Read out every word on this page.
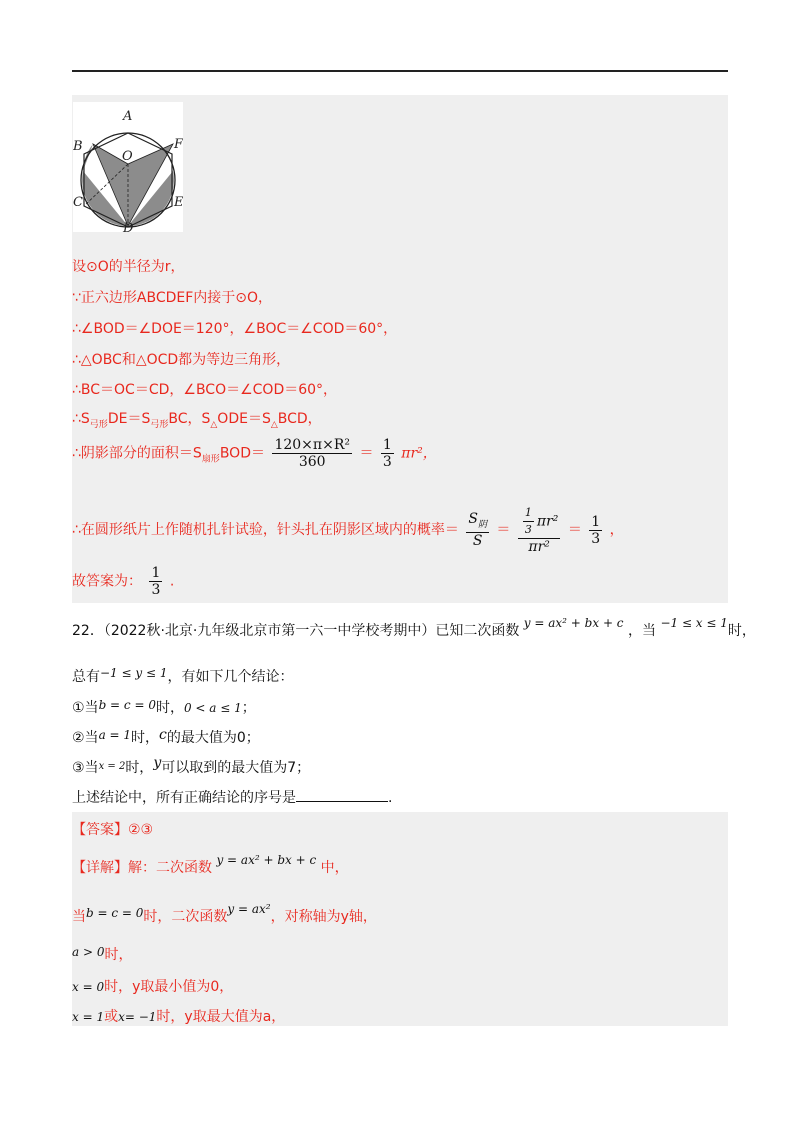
A
B
C
D
E
F
O
设⊙O的半径为r，
∵正六边形ABCDEF内接于⊙O，
∴∠BOD＝∠DOE＝120°，∠BOC＝∠COD＝60°，
∴△OBC和△OCD都为等边三角形，
∴BC＝OC＝CD，∠BCO＝∠COD＝60°，
$\therefore S_{弓形}DE=S_{弓形}BC$，$S_\triangle ODE=S_\triangle BCD$，
∴阴影部分的面积$=S_{扇形}BOD= \frac{\text{120×π×R²}}{360} = \frac{1}{3} \pi r^2$，
∴在圆形纸片上作随机扎针试验，针头扎在阴影区域内的概率＝ $\frac{S_阴}{S} = \frac{\frac{1}{3} \pi r^2}{\text{πr²}} = \frac{1}{3}$ ，
故答案为： $\frac{1}{3}$ .
22．（2022秋·北京·九年级北京市第一六一中学校考期中）已知二次函数 y = ax² + bx + c ，当 −1 ≤ x ≤ 1时，
总有−1 ≤ y ≤ 1，有如下几个结论：
①当b = c = 0时，0 < a ≤ 1；
②当a = 1时，c的最大值为0；
③当$^{x = 2}$时，y可以取到的最大值为7；
上述结论中，所有正确结论的序号是	.
【答案】②③
【详解】解：二次函数 y = ax² + bx + c 中，
当b = c = 0时，二次函数y = ax²，对称轴为y轴，
a > 0时，
x = 0时，y取最小值为0，
x = 1或x= −1时，y取最大值为a，
